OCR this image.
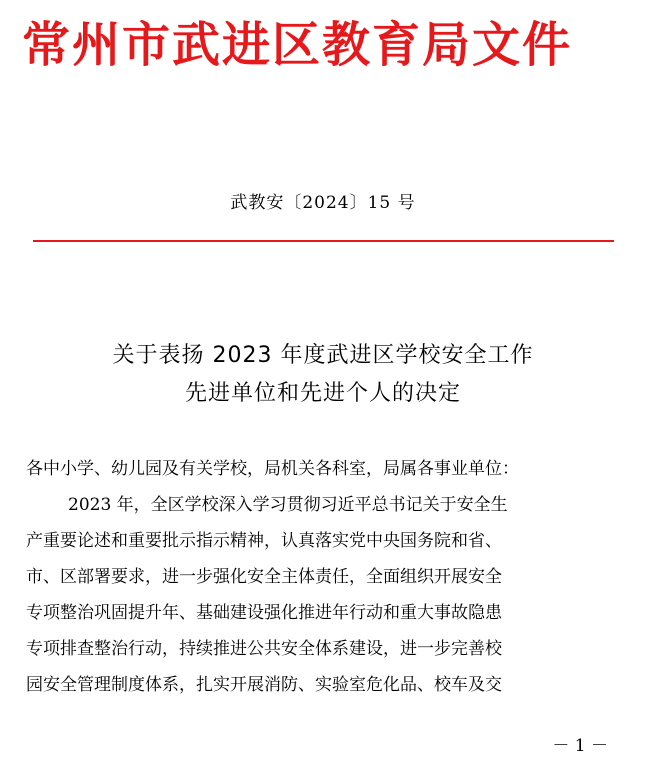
常州市武进区教育局文件
武教安〔2024〕15 号
关于表扬 2023 年度武进区学校安全工作
先进单位和先进个人的决定
各中小学、幼儿园及有关学校，局机关各科室，局属各事业单位：
2023 年，全区学校深入学习贯彻习近平总书记关于安全生
产重要论述和重要批示指示精神，认真落实党中央国务院和省、
市、区部署要求，进一步强化安全主体责任，全面组织开展安全
专项整治巩固提升年、基础建设强化推进年行动和重大事故隐患
专项排查整治行动，持续推进公共安全体系建设，进一步完善校
园安全管理制度体系，扎实开展消防、实验室危化品、校车及交
－ 1 －
